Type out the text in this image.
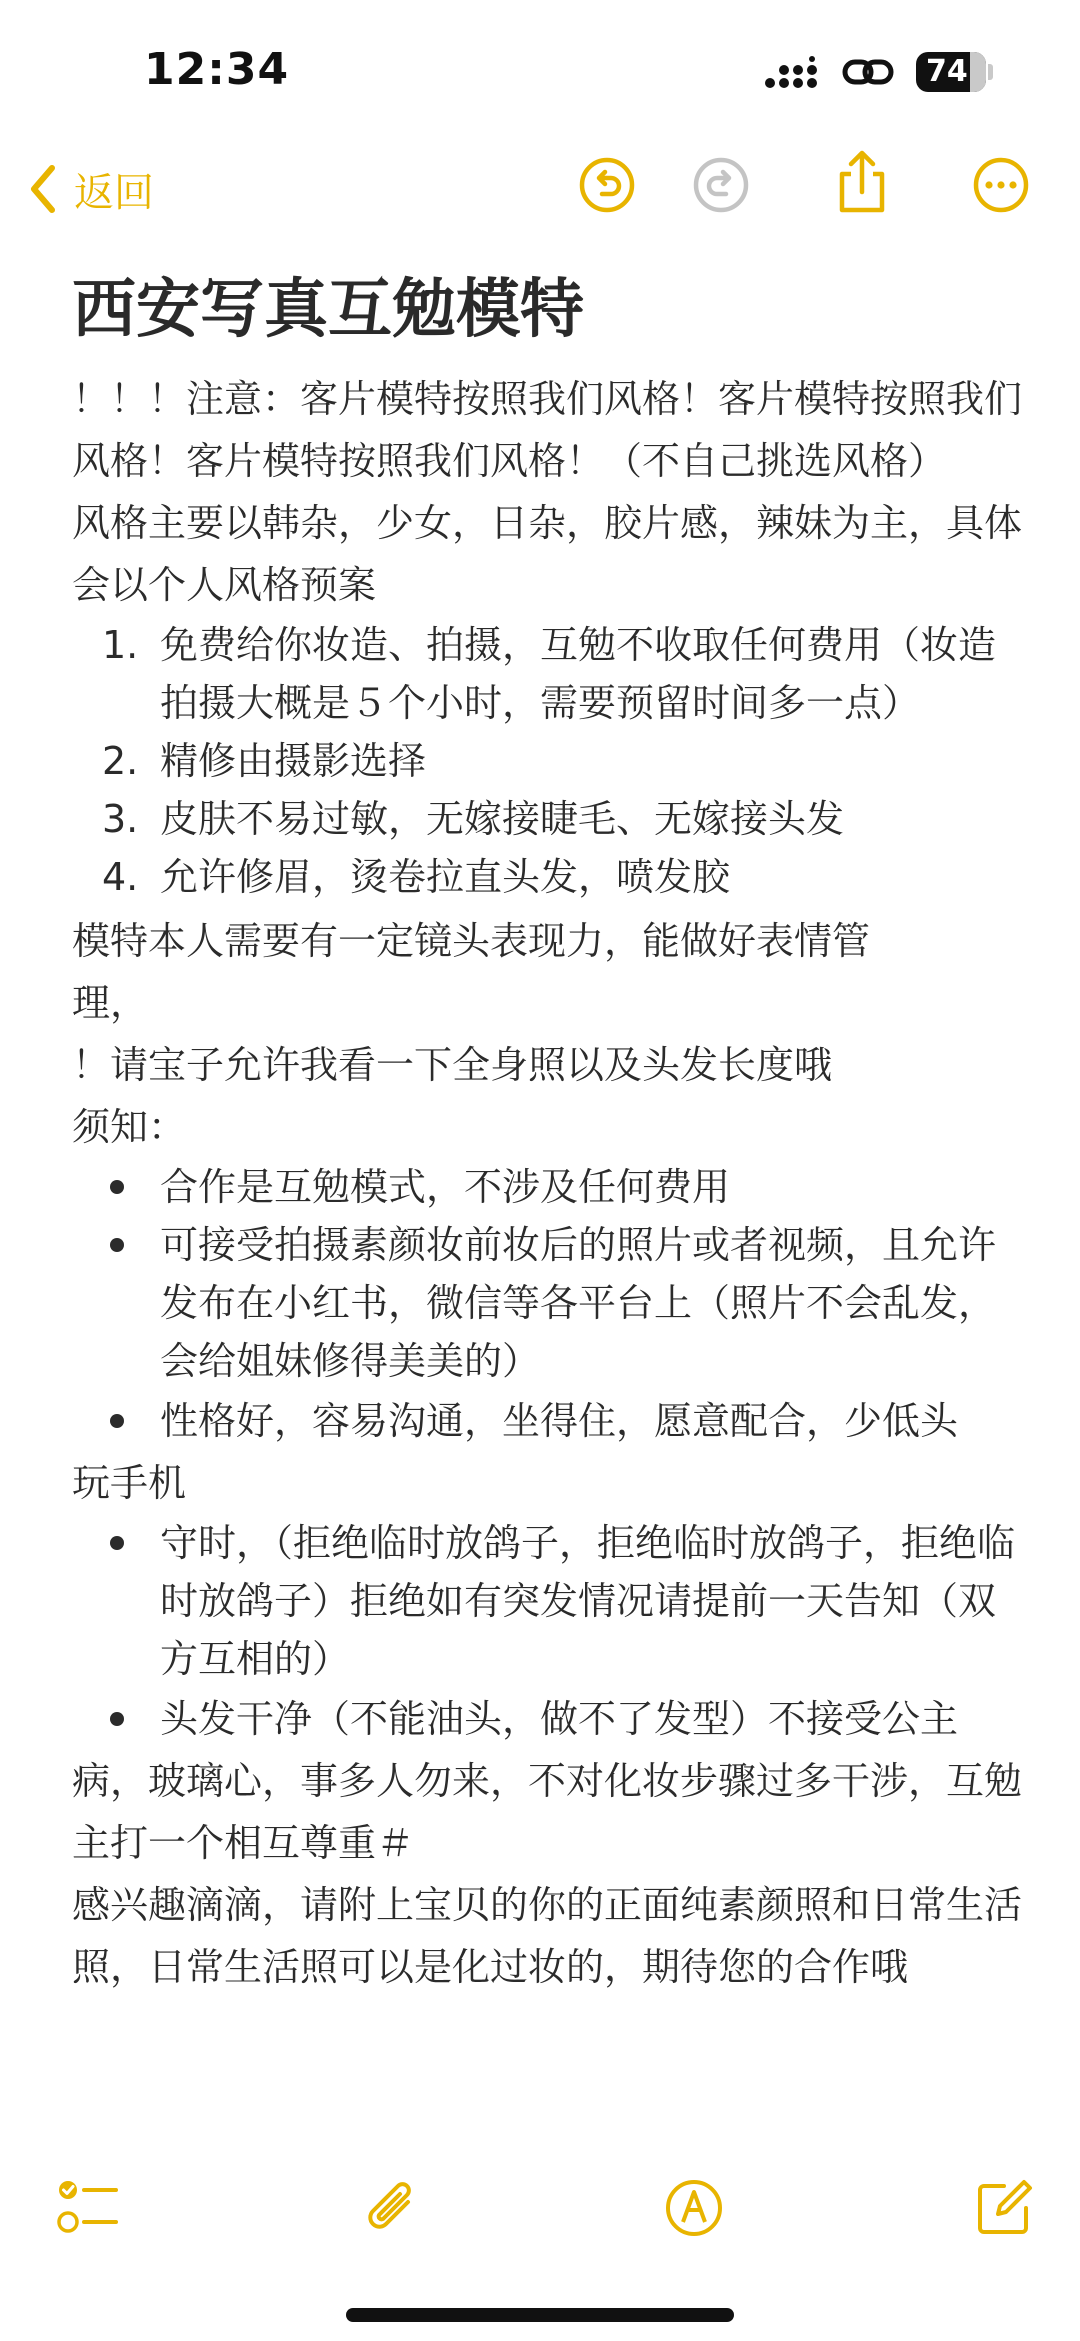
12:34	74
返回
西安写真互勉模特

！！！注意：客片模特按照我们风格！客片模特按照我们风格！客片模特按照我们风格！（不自己挑选风格）

风格主要以韩杂，少女，日杂，胶片感，辣妹为主，具体会以个人风格预案

1. 免费给你妆造、拍摄，互勉不收取任何费用（妆造拍摄大概是５个小时，需要预留时间多一点）
2. 精修由摄影选择
3. 皮肤不易过敏，无嫁接睫毛、无嫁接头发
4. 允许修眉，烫卷拉直头发，喷发胶

模特本人需要有一定镜头表现力，能做好表情管理，

！请宝子允许我看一下全身照以及头发长度哦

须知：

合作是互勉模式，不涉及任何费用
可接受拍摄素颜妆前妆后的照片或者视频，且允许发布在小红书，微信等各平台上（照片不会乱发，会给姐妹修得美美的）
性格好，容易沟通，坐得住，愿意配合，少低头
玩手机
守时，（拒绝临时放鸽子，拒绝临时放鸽子，拒绝临时放鸽子）拒绝如有突发情况请提前一天告知（双方互相的）
头发干净（不能油头，做不了发型）不接受公主
病，玻璃心，事多人勿来，不对化妆步骤过多干涉，互勉主打一个相互尊重＃

感兴趣滴滴，请附上宝贝的你的正面纯素颜照和日常生活照，日常生活照可以是化过妆的，期待您的合作哦
